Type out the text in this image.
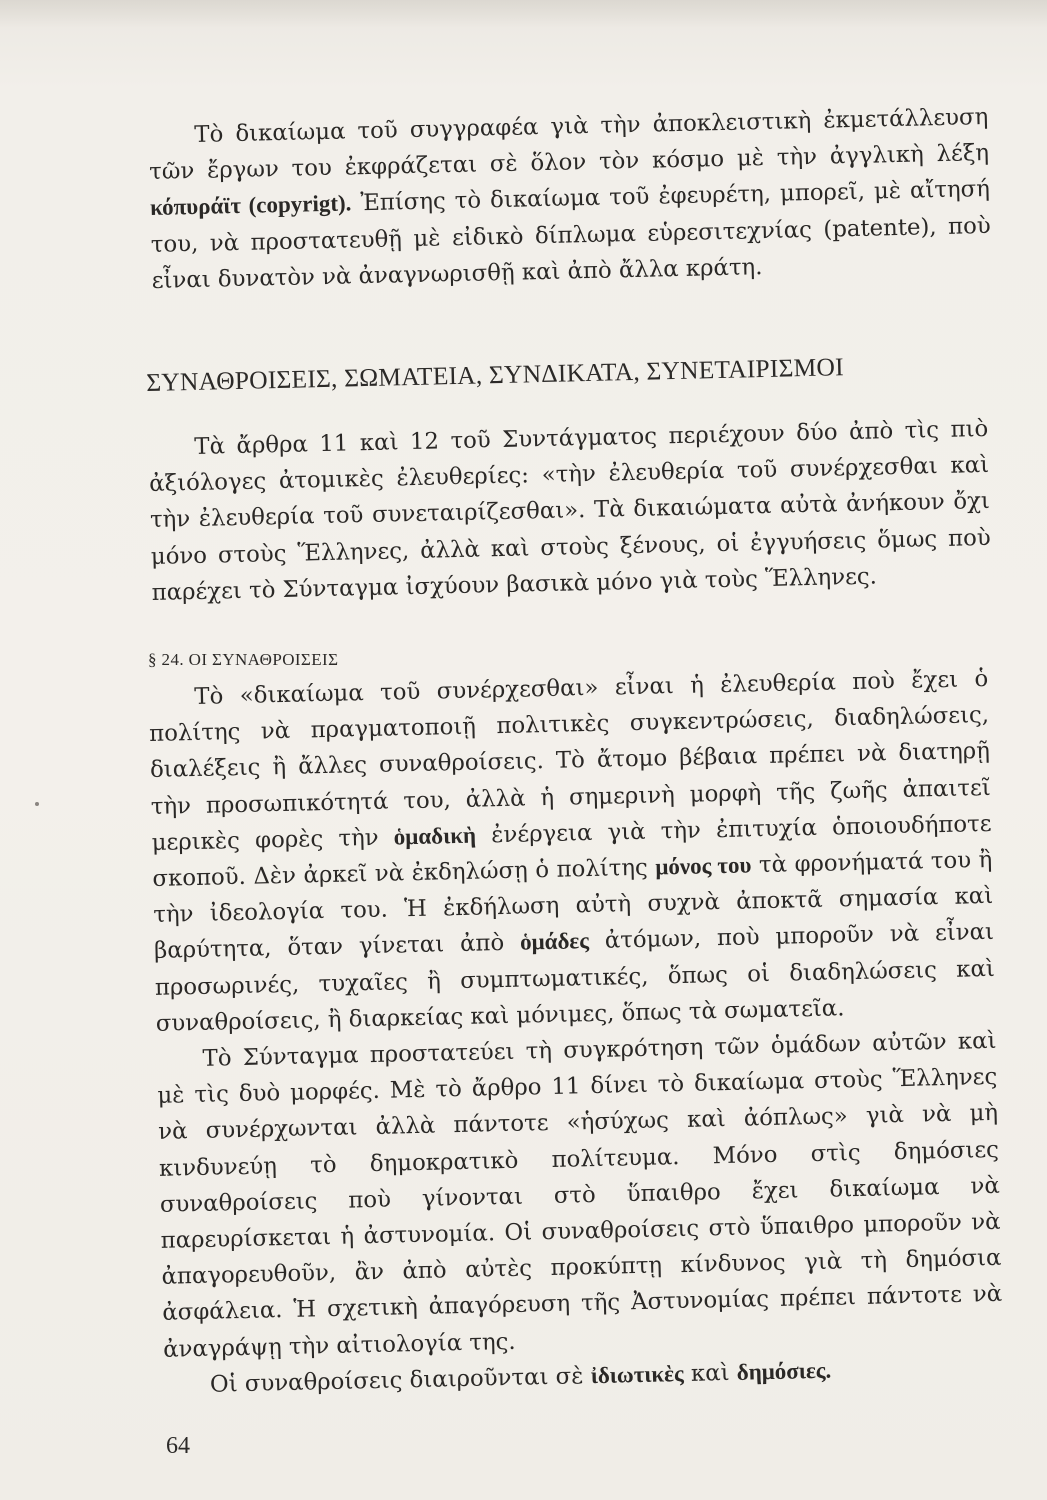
Τὸ δικαίωμα τοῦ συγγραφέα γιὰ τὴν ἀποκλειστικὴ ἐκμετάλλευση τῶν ἔργων του ἐκφράζεται σὲ ὅλον τὸν κόσμο μὲ τὴν ἀγγλικὴ λέξη κόπυράϊτ (copyrigt). Ἐπίσης τὸ δικαίωμα τοῦ ἐφευρέτη, μπορεῖ, μὲ αἴτησή του, νὰ προστατευθῇ μὲ εἰδικὸ δίπλωμα εὑρεσιτεχνίας (patente), ποὺ εἶναι δυνατὸν νὰ ἀναγνωρισθῇ καὶ ἀπὸ ἄλλα κράτη.

ΣΥΝΑΘΡΟΙΣΕΙΣ, ΣΩΜΑΤΕΙΑ, ΣΥΝΔΙΚΑΤΑ, ΣΥΝΕΤΑΙΡΙΣΜΟΙ

Τὰ ἄρθρα 11 καὶ 12 τοῦ Συντάγματος περιέχουν δύο ἀπὸ τὶς πιὸ ἀξιόλογες ἀτομικὲς ἐλευθερίες: «τὴν ἐλευθερία τοῦ συνέρχεσθαι καὶ τὴν ἐλευθερία τοῦ συνεταιρίζεσθαι». Τὰ δικαιώματα αὐτὰ ἀνήκουν ὄχι μόνο στοὺς Ἕλληνες, ἀλλὰ καὶ στοὺς ξένους, οἱ ἐγγυήσεις ὅμως ποὺ παρέχει τὸ Σύνταγμα ἰσχύουν βασικὰ μόνο γιὰ τοὺς Ἕλληνες.

§ 24. ΟΙ ΣΥΝΑΘΡΟΙΣΕΙΣ

Τὸ «δικαίωμα τοῦ συνέρχεσθαι» εἶναι ἡ ἐλευθερία ποὺ ἔχει ὁ πολίτης νὰ πραγματοποιῇ πολιτικὲς συγκεντρώσεις, διαδηλώσεις, διαλέξεις ἢ ἄλλες συναθροίσεις. Τὸ ἄτομο βέβαια πρέπει νὰ διατηρῇ τὴν προσωπικότητά του, ἀλλὰ ἡ σημερινὴ μορφὴ τῆς ζωῆς ἀπαιτεῖ μερικὲς φορὲς τὴν ὁμαδικὴ ἐνέργεια γιὰ τὴν ἐπιτυχία ὁποιουδήποτε σκοποῦ. Δὲν ἀρκεῖ νὰ ἐκδηλώσῃ ὁ πολίτης μόνος του τὰ φρονήματά του ἢ τὴν ἰδεολογία του. Ἡ ἐκδήλωση αὐτὴ συχνὰ ἀποκτᾶ σημασία καὶ βαρύτητα, ὅταν γίνεται ἀπὸ ὁμάδες ἀτόμων, ποὺ μποροῦν νὰ εἶναι προσωρινές, τυχαῖες ἢ συμπτωματικές, ὅπως οἱ διαδηλώσεις καὶ συναθροίσεις, ἢ διαρκείας καὶ μόνιμες, ὅπως τὰ σωματεῖα.

Τὸ Σύνταγμα προστατεύει τὴ συγκρότηση τῶν ὁμάδων αὐτῶν καὶ μὲ τὶς δυὸ μορφές. Μὲ τὸ ἄρθρο 11 δίνει τὸ δικαίωμα στοὺς Ἕλληνες νὰ συνέρχωνται ἀλλὰ πάντοτε «ἡσύχως καὶ ἀόπλως» γιὰ νὰ μὴ κινδυνεύῃ τὸ δημοκρατικὸ πολίτευμα. Μόνο στὶς δημόσιες συναθροίσεις ποὺ γίνονται στὸ ὕπαιθρο ἔχει δικαίωμα νὰ παρευρίσκεται ἡ ἀστυνομία. Οἱ συναθροίσεις στὸ ὕπαιθρο μποροῦν νὰ ἀπαγορευθοῦν, ἂν ἀπὸ αὐτὲς προκύπτῃ κίνδυνος γιὰ τὴ δημόσια ἀσφάλεια. Ἡ σχετικὴ ἀπαγόρευση τῆς Ἀστυνομίας πρέπει πάντοτε νὰ ἀναγράψῃ τὴν αἰτιολογία της.

Οἱ συναθροίσεις διαιροῦνται σὲ ἰδιωτικὲς καὶ δημόσιες.

64
